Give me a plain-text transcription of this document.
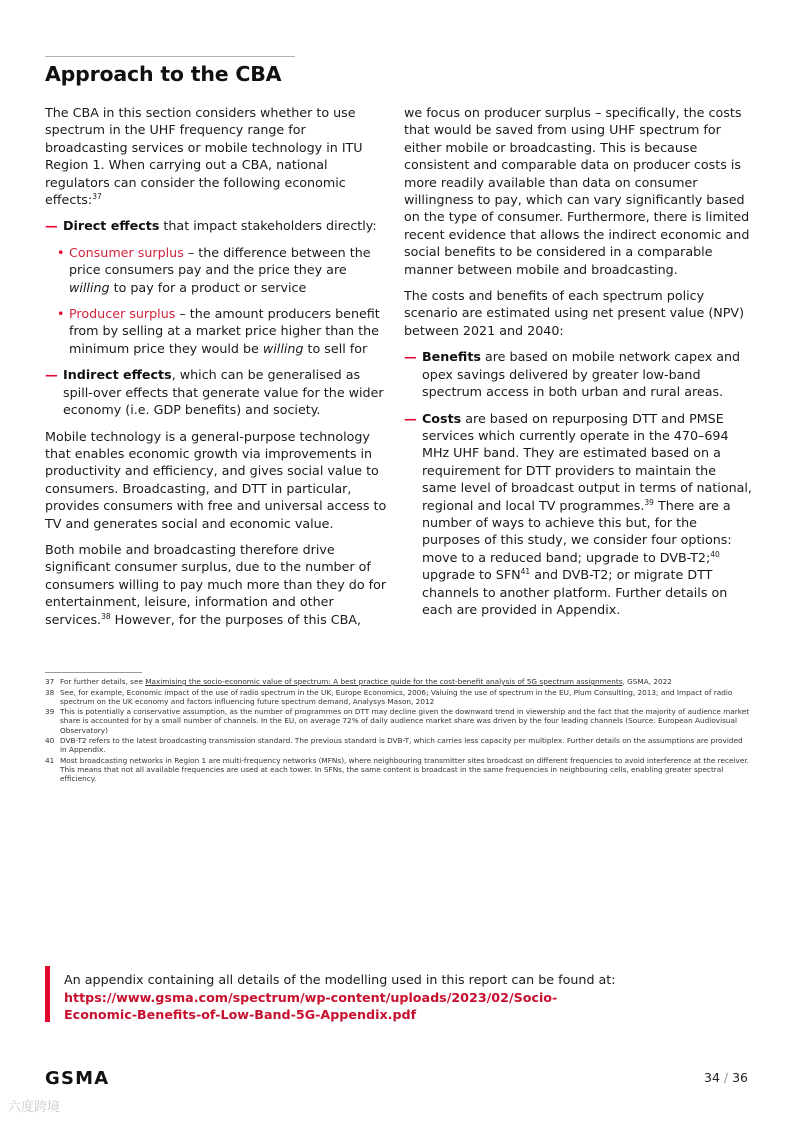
Approach to the CBA

The CBA in this section considers whether to use spectrum in the UHF frequency range for broadcasting services or mobile technology in ITU Region 1. When carrying out a CBA, national regulators can consider the following economic effects:$^{37}$

— Direct effects that impact stakeholders directly:
• Consumer surplus – the difference between the price consumers pay and the price they are willing to pay for a product or service
• Producer surplus – the amount producers benefit from by selling at a market price higher than the minimum price they would be willing to sell for
— Indirect effects, which can be generalised as spill-over effects that generate value for the wider economy (i.e. GDP benefits) and society.

Mobile technology is a general-purpose technology that enables economic growth via improvements in productivity and efficiency, and gives social value to consumers. Broadcasting, and DTT in particular, provides consumers with free and universal access to TV and generates social and economic value.

Both mobile and broadcasting therefore drive significant consumer surplus, due to the number of consumers willing to pay much more than they do for entertainment, leisure, information and other services.$^{38}$ However, for the purposes of this CBA,

we focus on producer surplus – specifically, the costs that would be saved from using UHF spectrum for either mobile or broadcasting. This is because consistent and comparable data on producer costs is more readily available than data on consumer willingness to pay, which can vary significantly based on the type of consumer. Furthermore, there is limited recent evidence that allows the indirect economic and social benefits to be considered in a comparable manner between mobile and broadcasting.

The costs and benefits of each spectrum policy scenario are estimated using net present value (NPV) between 2021 and 2040:

— Benefits are based on mobile network capex and opex savings delivered by greater low-band spectrum access in both urban and rural areas.
— Costs are based on repurposing DTT and PMSE services which currently operate in the 470–694 MHz UHF band. They are estimated based on a requirement for DTT providers to maintain the same level of broadcast output in terms of national, regional and local TV programmes.$^{39}$ There are a number of ways to achieve this but, for the purposes of this study, we consider four options: move to a reduced band; upgrade to DVB-T2;$^{40}$ upgrade to SFN$^{41}$ and DVB-T2; or migrate DTT channels to another platform. Further details on each are provided in Appendix.
37 For further details, see Maximising the socio-economic value of spectrum: A best practice guide for the cost-benefit analysis of 5G spectrum assignments, GSMA, 2022
38 See, for example, Economic impact of the use of radio spectrum in the UK, Europe Economics, 2006; Valuing the use of spectrum in the EU, Plum Consulting, 2013; and Impact of radio spectrum on the UK economy and factors influencing future spectrum demand, Analysys Mason, 2012
39 This is potentially a conservative assumption, as the number of programmes on DTT may decline given the downward trend in viewership and the fact that the majority of audience market share is accounted for by a small number of channels. In the EU, on average 72% of daily audience market share was driven by the four leading channels (Source: European Audiovisual Observatory)
40 DVB-T2 refers to the latest broadcasting transmission standard. The previous standard is DVB-T, which carries less capacity per multiplex. Further details on the assumptions are provided in Appendix.
41 Most broadcasting networks in Region 1 are multi-frequency networks (MFNs), where neighbouring transmitter sites broadcast on different frequencies to avoid interference at the receiver. This means that not all available frequencies are used at each tower. In SFNs, the same content is broadcast in the same frequencies in neighbouring cells, enabling greater spectral efficiency.
An appendix containing all details of the modelling used in this report can be found at:
https://www.gsma.com/spectrum/wp-content/uploads/2023/02/Socio-Economic-Benefits-of-Low-Band-5G-Appendix.pdf
GSMA	34 / 36
六度跨境
